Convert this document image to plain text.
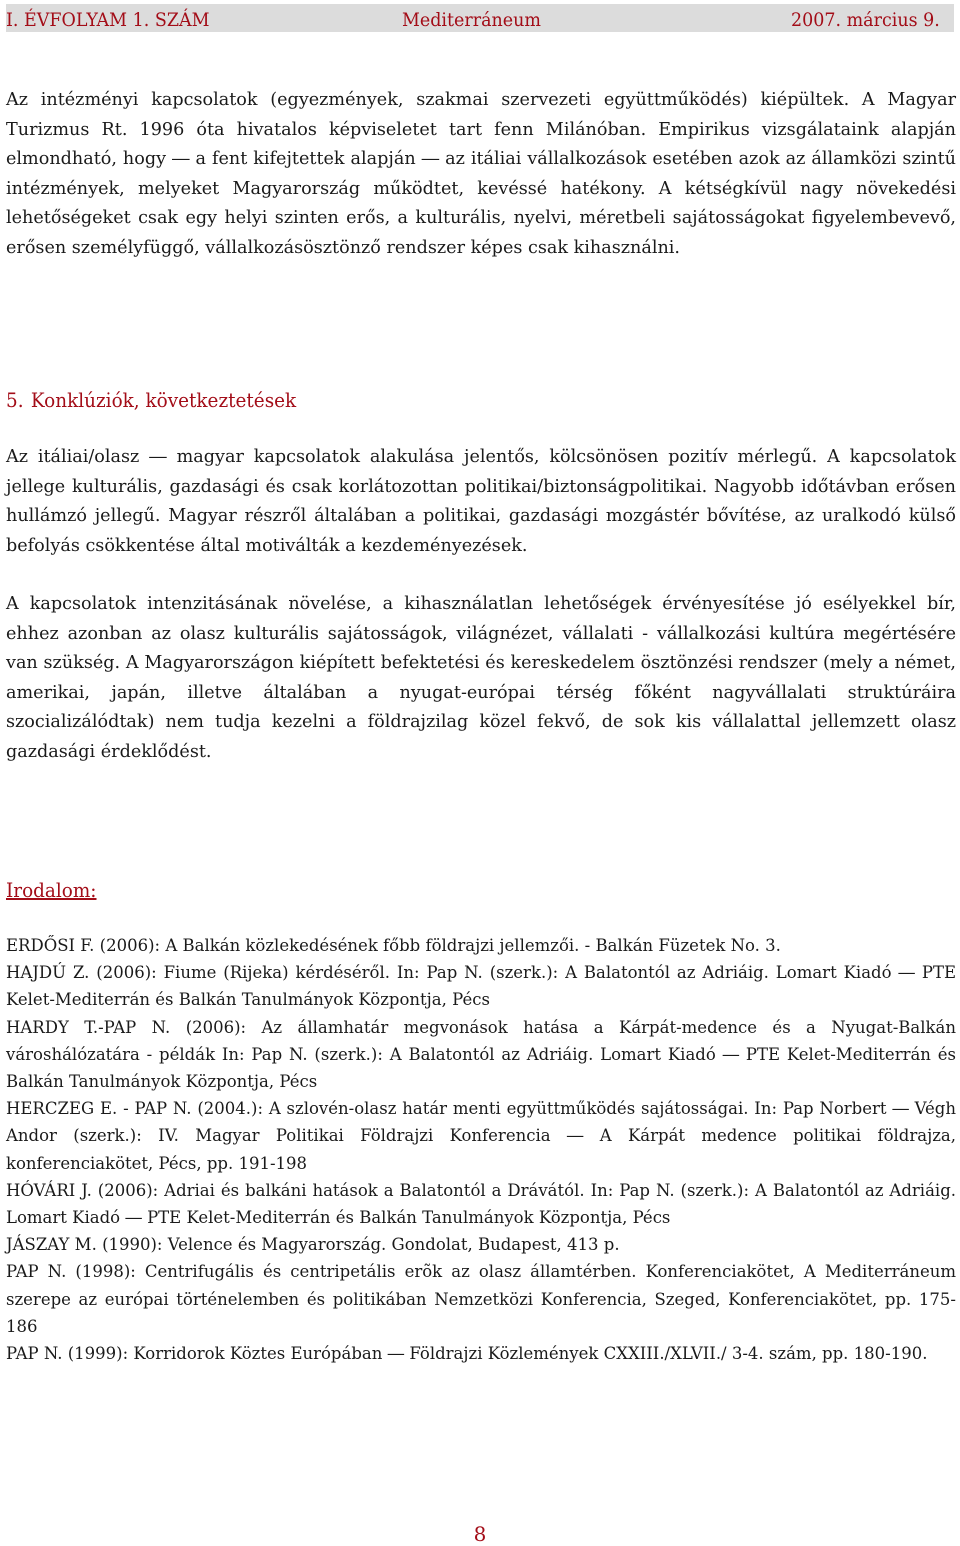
I. ÉVFOLYAM 1. SZÁM	Mediterráneum	2007. március 9.

Az intézményi kapcsolatok (egyezmények, szakmai szervezeti együttműködés) kiépültek. A Magyar Turizmus Rt. 1996 óta hivatalos képviseletet tart fenn Milánóban. Empirikus vizsgálataink alapján elmondható, hogy ― a fent kifejtettek alapján ― az itáliai vállalkozások esetében azok az államközi szintű intézmények, melyeket Magyarország működtet, kevéssé hatékony. A kétségkívül nagy növekedési lehetőségeket csak egy helyi szinten erős, a kulturális, nyelvi, méretbeli sajátosságokat figyelembevevő, erősen személyfüggő, vállalkozásösztönző rendszer képes csak kihasználni.

5. Konklúziók, következtetések

Az itáliai/olasz ― magyar kapcsolatok alakulása jelentős, kölcsönösen pozitív mérlegű. A kapcsolatok jellege kulturális, gazdasági és csak korlátozottan politikai/biztonságpolitikai. Nagyobb időtávban erősen hullámzó jellegű. Magyar részről általában a politikai, gazdasági mozgástér bővítése, az uralkodó külső befolyás csökkentése által motiválták a kezdeményezések.

A kapcsolatok intenzitásának növelése, a kihasználatlan lehetőségek érvényesítése jó esélyekkel bír, ehhez azonban az olasz kulturális sajátosságok, világnézet, vállalati - vállalkozási kultúra megértésére van szükség. A Magyarországon kiépített befektetési és kereskedelem ösztönzési rendszer (mely a német, amerikai, japán, illetve általában a nyugat-európai térség főként nagyvállalati struktúráira szocializálódtak) nem tudja kezelni a földrajzilag közel fekvő, de sok kis vállalattal jellemzett olasz gazdasági érdeklődést.

Irodalom:

ERDŐSI F. (2006): A Balkán közlekedésének főbb földrajzi jellemzői. - Balkán Füzetek No. 3.

HAJDÚ Z. (2006): Fiume (Rijeka) kérdéséről. In: Pap N. (szerk.): A Balatontól az Adriáig. Lomart Kiadó ― PTE Kelet-Mediterrán és Balkán Tanulmányok Központja, Pécs

HARDY T.-PAP N. (2006): Az államhatár megvonások hatása a Kárpát-medence és a Nyugat-Balkán városhálózatára - példák In: Pap N. (szerk.): A Balatontól az Adriáig. Lomart Kiadó ― PTE Kelet-Mediterrán és Balkán Tanulmányok Központja, Pécs

HERCZEG E. - PAP N. (2004.): A szlovén-olasz határ menti együttműködés sajátosságai. In: Pap Norbert ― Végh Andor (szerk.): IV. Magyar Politikai Földrajzi Konferencia ― A Kárpát medence politikai földrajza, konferenciakötet, Pécs, pp. 191-198

HÓVÁRI J. (2006): Adriai és balkáni hatások a Balatontól a Drávától. In: Pap N. (szerk.): A Balatontól az Adriáig. Lomart Kiadó ― PTE Kelet-Mediterrán és Balkán Tanulmányok Központja, Pécs

JÁSZAY M. (1990): Velence és Magyarország. Gondolat, Budapest, 413 p.

PAP N. (1998): Centrifugális és centripetális erõk az olasz államtérben. Konferenciakötet, A Mediterráneum szerepe az európai történelemben és politikában Nemzetközi Konferencia, Szeged, Konferenciakötet, pp. 175-186

PAP N. (1999): Korridorok Köztes Európában ― Földrajzi Közlemények CXXIII./XLVII./ 3-4. szám, pp. 180-190.

8
